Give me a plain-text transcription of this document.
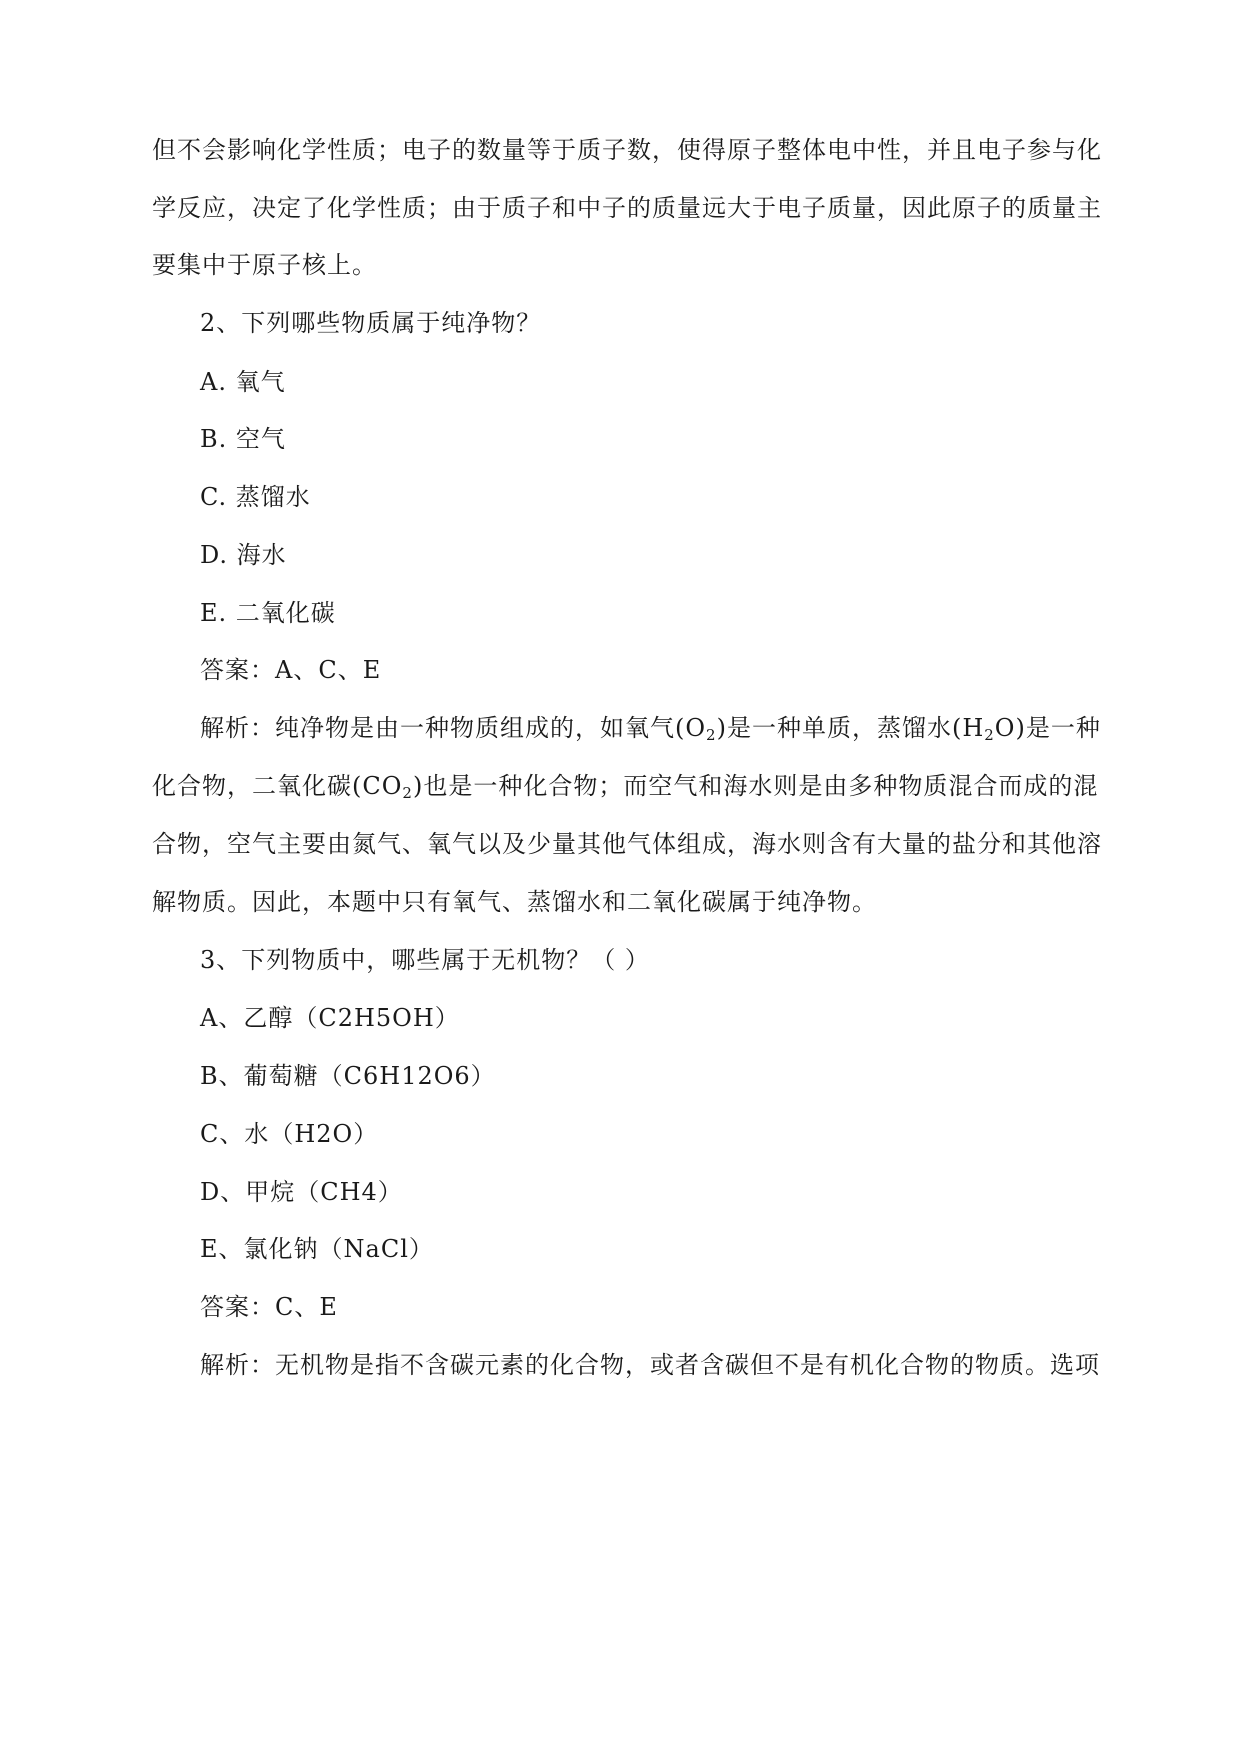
但不会影响化学性质；电子的数量等于质子数，使得原子整体电中性，并且电子参与化
学反应，决定了化学性质；由于质子和中子的质量远大于电子质量，因此原子的质量主
要集中于原子核上。
2、下列哪些物质属于纯净物？
A. 氧气
B. 空气
C. 蒸馏水
D. 海水
E. 二氧化碳
答案：A、C、E
解析：纯净物是由一种物质组成的，如氧气$(O_2)$是一种单质，蒸馏水$(H_2O)$是一种
化合物，二氧化碳$(CO_2)$也是一种化合物；而空气和海水则是由多种物质混合而成的混
合物，空气主要由氮气、氧气以及少量其他气体组成，海水则含有大量的盐分和其他溶
解物质。因此，本题中只有氧气、蒸馏水和二氧化碳属于纯净物。
3、下列物质中，哪些属于无机物？（ ）
A、乙醇（C2H5OH）
B、葡萄糖（C6H12O6）
C、水（H2O）
D、甲烷（CH4）
E、氯化钠（NaCl）
答案：C、E
解析：无机物是指不含碳元素的化合物，或者含碳但不是有机化合物的物质。选项
